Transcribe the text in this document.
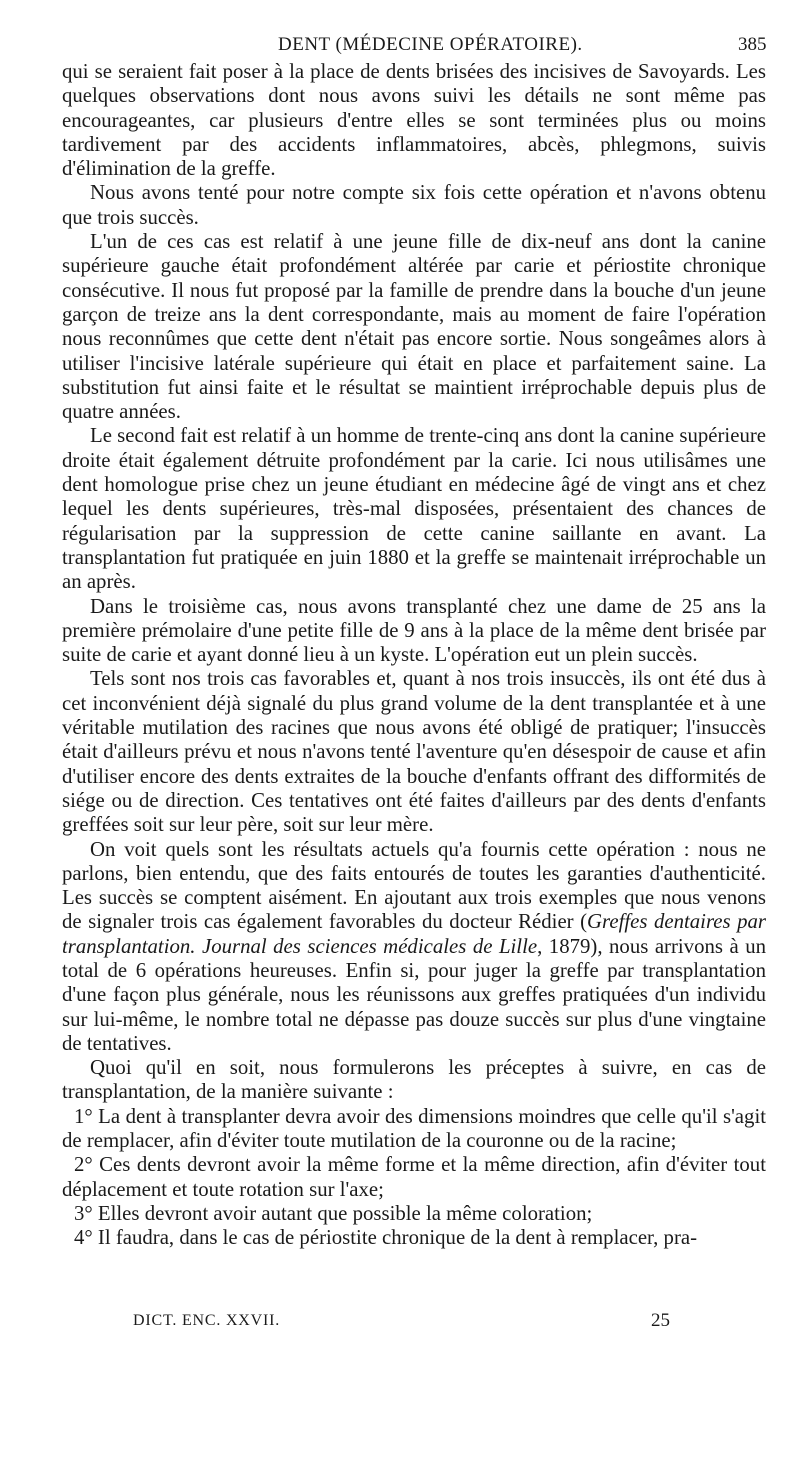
DENT (MÉDECINE OPÉRATOIRE).	385

qui se seraient fait poser à la place de dents brisées des incisives de Savoyards. Les quelques observations dont nous avons suivi les détails ne sont même pas encourageantes, car plusieurs d'entre elles se sont terminées plus ou moins tardivement par des accidents inflammatoires, abcès, phlegmons, suivis d'élimination de la greffe.

Nous avons tenté pour notre compte six fois cette opération et n'avons obtenu que trois succès.

L'un de ces cas est relatif à une jeune fille de dix-neuf ans dont la canine supérieure gauche était profondément altérée par carie et périostite chronique consécutive. Il nous fut proposé par la famille de prendre dans la bouche d'un jeune garçon de treize ans la dent correspondante, mais au moment de faire l'opération nous reconnûmes que cette dent n'était pas encore sortie. Nous songeâmes alors à utiliser l'incisive latérale supérieure qui était en place et parfaitement saine. La substitution fut ainsi faite et le résultat se maintient irréprochable depuis plus de quatre années.

Le second fait est relatif à un homme de trente-cinq ans dont la canine supérieure droite était également détruite profondément par la carie. Ici nous utilisâmes une dent homologue prise chez un jeune étudiant en médecine âgé de vingt ans et chez lequel les dents supérieures, très-mal disposées, présentaient des chances de régularisation par la suppression de cette canine saillante en avant. La transplantation fut pratiquée en juin 1880 et la greffe se maintenait irréprochable un an après.

Dans le troisième cas, nous avons transplanté chez une dame de 25 ans la première prémolaire d'une petite fille de 9 ans à la place de la même dent brisée par suite de carie et ayant donné lieu à un kyste. L'opération eut un plein succès.

Tels sont nos trois cas favorables et, quant à nos trois insuccès, ils ont été dus à cet inconvénient déjà signalé du plus grand volume de la dent transplantée et à une véritable mutilation des racines que nous avons été obligé de pratiquer; l'insuccès était d'ailleurs prévu et nous n'avons tenté l'aventure qu'en désespoir de cause et afin d'utiliser encore des dents extraites de la bouche d'enfants offrant des difformités de siége ou de direction. Ces tentatives ont été faites d'ailleurs par des dents d'enfants greffées soit sur leur père, soit sur leur mère.

On voit quels sont les résultats actuels qu'a fournis cette opération : nous ne parlons, bien entendu, que des faits entourés de toutes les garanties d'authenticité. Les succès se comptent aisément. En ajoutant aux trois exemples que nous venons de signaler trois cas également favorables du docteur Rédier (Greffes dentaires par transplantation. Journal des sciences médicales de Lille, 1879), nous arrivons à un total de 6 opérations heureuses. Enfin si, pour juger la greffe par transplantation d'une façon plus générale, nous les réunissons aux greffes pratiquées d'un individu sur lui-même, le nombre total ne dépasse pas douze succès sur plus d'une vingtaine de tentatives.

Quoi qu'il en soit, nous formulerons les préceptes à suivre, en cas de transplantation, de la manière suivante :

1° La dent à transplanter devra avoir des dimensions moindres que celle qu'il s'agit de remplacer, afin d'éviter toute mutilation de la couronne ou de la racine;

2° Ces dents devront avoir la même forme et la même direction, afin d'éviter tout déplacement et toute rotation sur l'axe;

3° Elles devront avoir autant que possible la même coloration;

4° Il faudra, dans le cas de périostite chronique de la dent à remplacer, pra-

DICT. ENC. XXVII.	25
